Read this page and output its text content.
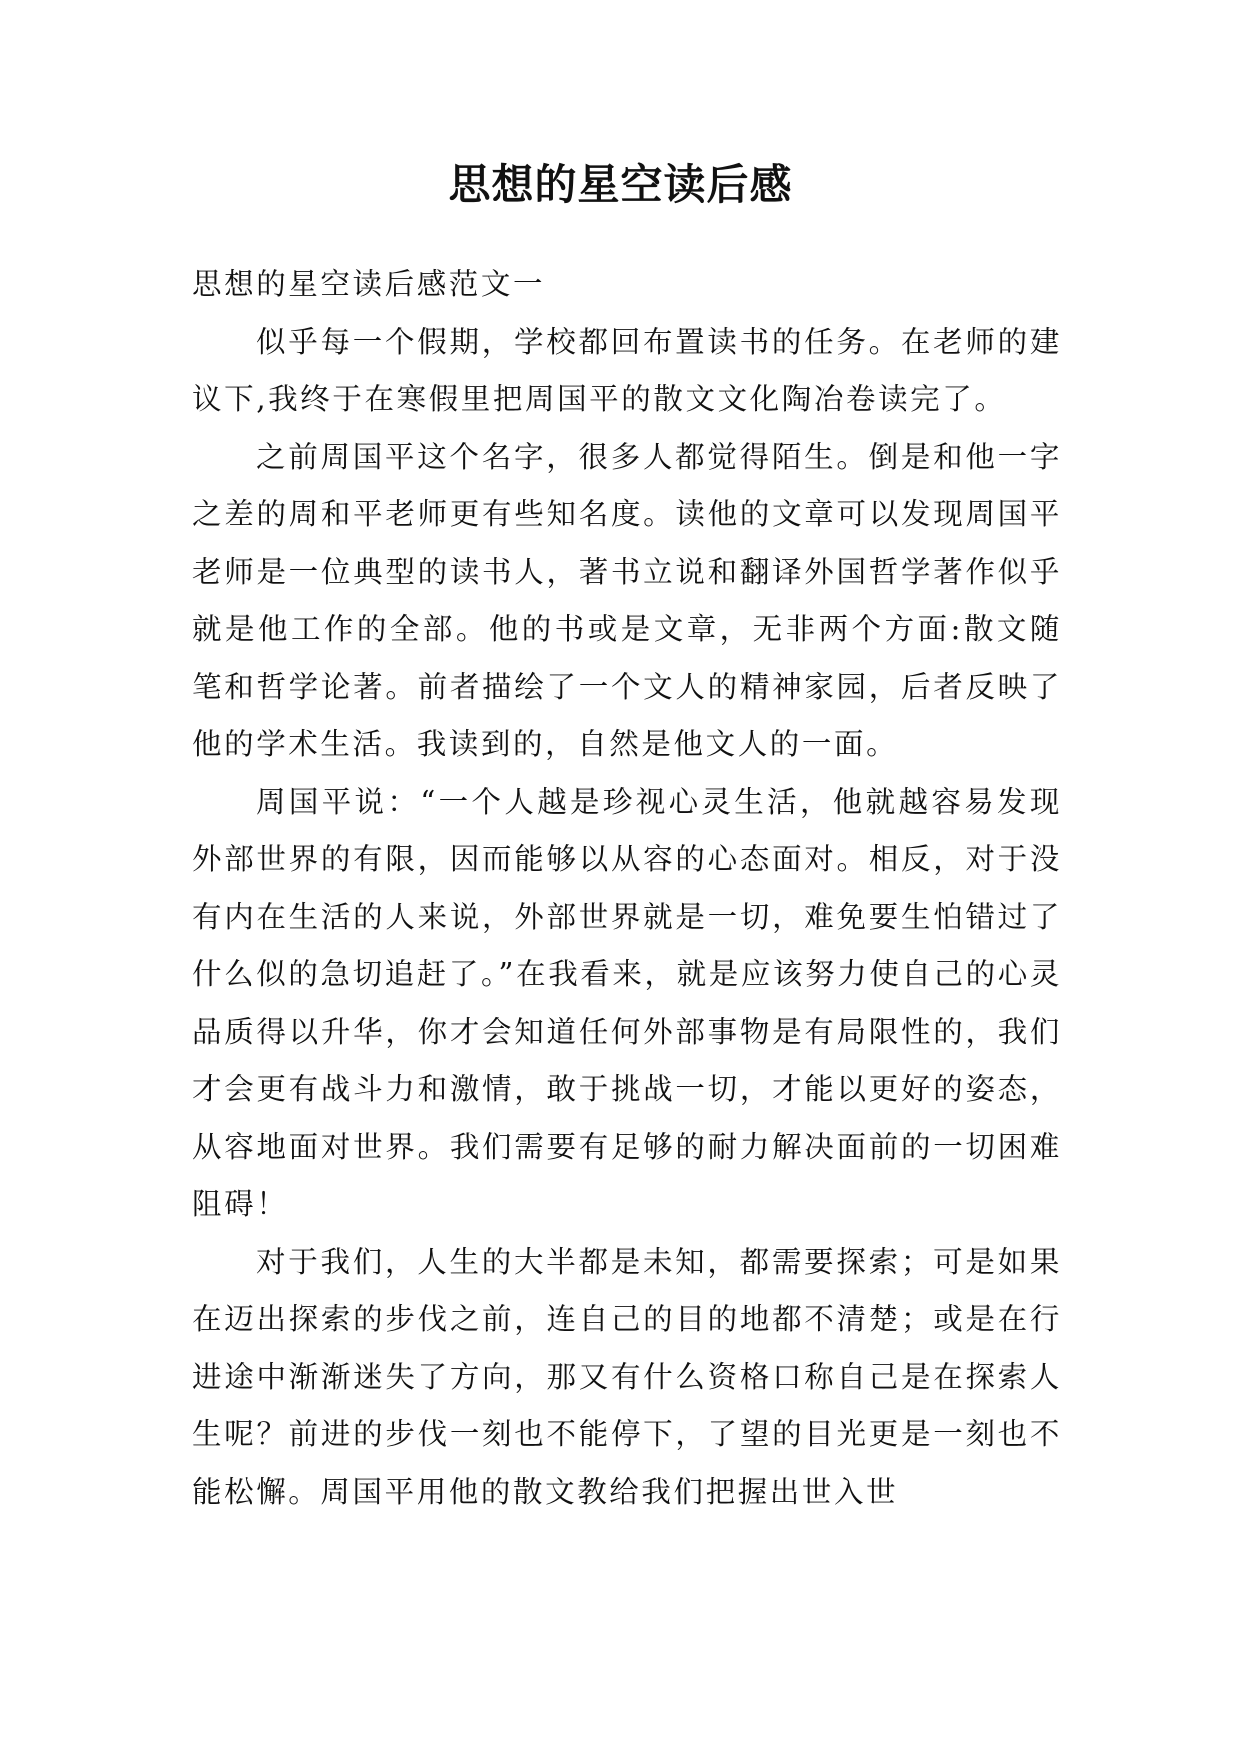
思想的星空读后感

思想的星空读后感范文一

似乎每一个假期，学校都回布置读书的任务。在老师的建议下,我终于在寒假里把周国平的散文文化陶冶卷读完了。

之前周国平这个名字，很多人都觉得陌生。倒是和他一字之差的周和平老师更有些知名度。读他的文章可以发现周国平老师是一位典型的读书人，著书立说和翻译外国哲学著作似乎就是他工作的全部。他的书或是文章，无非两个方面:散文随笔和哲学论著。前者描绘了一个文人的精神家园，后者反映了他的学术生活。我读到的，自然是他文人的一面。

周国平说：“一个人越是珍视心灵生活，他就越容易发现外部世界的有限，因而能够以从容的心态面对。相反，对于没有内在生活的人来说，外部世界就是一切，难免要生怕错过了什么似的急切追赶了。”在我看来，就是应该努力使自己的心灵品质得以升华，你才会知道任何外部事物是有局限性的，我们才会更有战斗力和激情，敢于挑战一切，才能以更好的姿态，从容地面对世界。我们需要有足够的耐力解决面前的一切困难阻碍！

对于我们，人生的大半都是未知，都需要探索；可是如果在迈出探索的步伐之前，连自己的目的地都不清楚；或是在行进途中渐渐迷失了方向，那又有什么资格口称自己是在探索人生呢？前进的步伐一刻也不能停下，了望的目光更是一刻也不能松懈。周国平用他的散文教给我们把握出世入世
